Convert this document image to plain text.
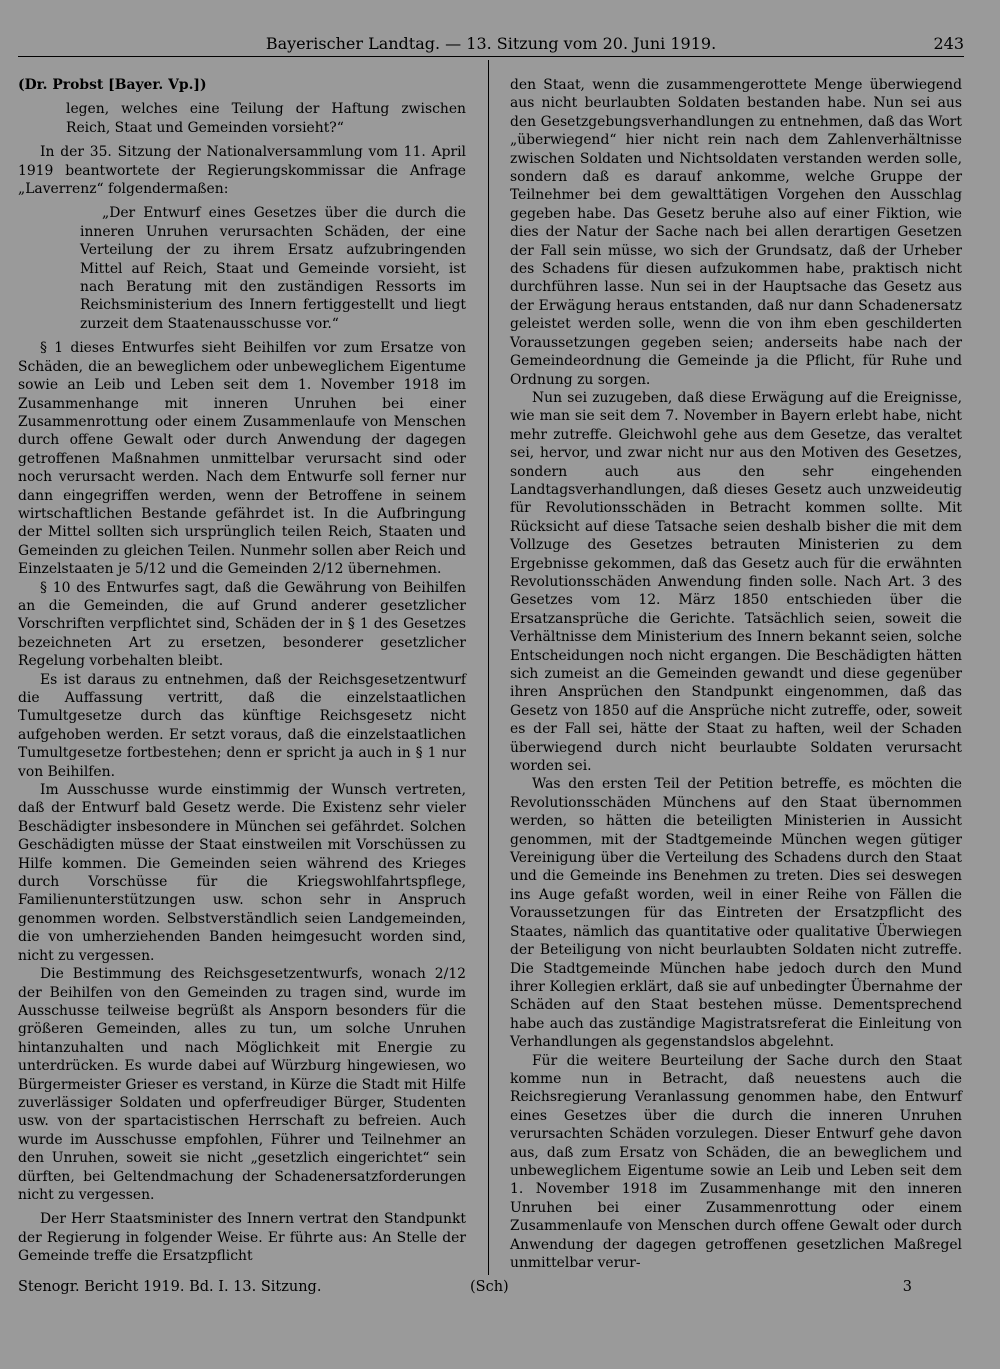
Bayerischer Landtag. — 13. Sitzung vom 20. Juni 1919.	243

(Dr. Probst [Bayer. Vp.])

legen, welches eine Teilung der Haftung zwischen Reich, Staat und Gemeinden vorsieht?“

In der 35. Sitzung der Nationalversammlung vom 11. April 1919 beantwortete der Regierungskommissar die Anfrage „Laverrenz“ folgendermaßen:

„Der Entwurf eines Gesetzes über die durch die inneren Unruhen verursachten Schäden, der eine Verteilung der zu ihrem Ersatz aufzubringenden Mittel auf Reich, Staat und Gemeinde vorsieht, ist nach Beratung mit den zuständigen Ressorts im Reichsministerium des Innern fertiggestellt und liegt zurzeit dem Staatenausschusse vor.“

§ 1 dieses Entwurfes sieht Beihilfen vor zum Ersatze von Schäden, die an beweglichem oder unbeweglichem Eigentume sowie an Leib und Leben seit dem 1. November 1918 im Zusammenhange mit inneren Unruhen bei einer Zusammenrottung oder einem Zusammenlaufe von Menschen durch offene Gewalt oder durch Anwendung der dagegen getroffenen Maßnahmen unmittelbar verursacht sind oder noch verursacht werden. Nach dem Entwurfe soll ferner nur dann eingegriffen werden, wenn der Betroffene in seinem wirtschaftlichen Bestande gefährdet ist. In die Aufbringung der Mittel sollten sich ursprünglich teilen Reich, Staaten und Gemeinden zu gleichen Teilen. Nunmehr sollen aber Reich und Einzelstaaten je 5/12 und die Gemeinden 2/12 übernehmen.

§ 10 des Entwurfes sagt, daß die Gewährung von Beihilfen an die Gemeinden, die auf Grund anderer gesetzlicher Vorschriften verpflichtet sind, Schäden der in § 1 des Gesetzes bezeichneten Art zu ersetzen, besonderer gesetzlicher Regelung vorbehalten bleibt.

Es ist daraus zu entnehmen, daß der Reichsgesetzentwurf die Auffassung vertritt, daß die einzelstaatlichen Tumultgesetze durch das künftige Reichsgesetz nicht aufgehoben werden. Er setzt voraus, daß die einzelstaatlichen Tumultgesetze fortbestehen; denn er spricht ja auch in § 1 nur von Beihilfen.

Im Ausschusse wurde einstimmig der Wunsch vertreten, daß der Entwurf bald Gesetz werde. Die Existenz sehr vieler Beschädigter insbesondere in München sei gefährdet. Solchen Geschädigten müsse der Staat einstweilen mit Vorschüssen zu Hilfe kommen. Die Gemeinden seien während des Krieges durch Vorschüsse für die Kriegswohlfahrtspflege, Familienunterstützungen usw. schon sehr in Anspruch genommen worden. Selbstverständlich seien Landgemeinden, die von umherziehenden Banden heimgesucht worden sind, nicht zu vergessen.

Die Bestimmung des Reichsgesetzentwurfs, wonach 2/12 der Beihilfen von den Gemeinden zu tragen sind, wurde im Ausschusse teilweise begrüßt als Ansporn besonders für die größeren Gemeinden, alles zu tun, um solche Unruhen hintanzuhalten und nach Möglichkeit mit Energie zu unterdrücken. Es wurde dabei auf Würzburg hingewiesen, wo Bürgermeister Grieser es verstand, in Kürze die Stadt mit Hilfe zuverlässiger Soldaten und opferfreudiger Bürger, Studenten usw. von der spartacistischen Herrschaft zu befreien. Auch wurde im Ausschusse empfohlen, Führer und Teilnehmer an den Unruhen, soweit sie nicht „gesetzlich eingerichtet“ sein dürften, bei Geltendmachung der Schadenersatzforderungen nicht zu vergessen.

Der Herr Staatsminister des Innern vertrat den Standpunkt der Regierung in folgender Weise. Er führte aus: An Stelle der Gemeinde treffe die Ersatzpflicht

den Staat, wenn die zusammengerottete Menge überwiegend aus nicht beurlaubten Soldaten bestanden habe. Nun sei aus den Gesetzgebungsverhandlungen zu entnehmen, daß das Wort „überwiegend“ hier nicht rein nach dem Zahlenverhältnisse zwischen Soldaten und Nichtsoldaten verstanden werden solle, sondern daß es darauf ankomme, welche Gruppe der Teilnehmer bei dem gewalttätigen Vorgehen den Ausschlag gegeben habe. Das Gesetz beruhe also auf einer Fiktion, wie dies der Natur der Sache nach bei allen derartigen Gesetzen der Fall sein müsse, wo sich der Grundsatz, daß der Urheber des Schadens für diesen aufzukommen habe, praktisch nicht durchführen lasse. Nun sei in der Hauptsache das Gesetz aus der Erwägung heraus entstanden, daß nur dann Schadenersatz geleistet werden solle, wenn die von ihm eben geschilderten Voraussetzungen gegeben seien; anderseits habe nach der Gemeindeordnung die Gemeinde ja die Pflicht, für Ruhe und Ordnung zu sorgen.

Nun sei zuzugeben, daß diese Erwägung auf die Ereignisse, wie man sie seit dem 7. November in Bayern erlebt habe, nicht mehr zutreffe. Gleichwohl gehe aus dem Gesetze, das veraltet sei, hervor, und zwar nicht nur aus den Motiven des Gesetzes, sondern auch aus den sehr eingehenden Landtagsverhandlungen, daß dieses Gesetz auch unzweideutig für Revolutionsschäden in Betracht kommen sollte. Mit Rücksicht auf diese Tatsache seien deshalb bisher die mit dem Vollzuge des Gesetzes betrauten Ministerien zu dem Ergebnisse gekommen, daß das Gesetz auch für die erwähnten Revolutionsschäden Anwendung finden solle. Nach Art. 3 des Gesetzes vom 12. März 1850 entschieden über die Ersatzansprüche die Gerichte. Tatsächlich seien, soweit die Verhältnisse dem Ministerium des Innern bekannt seien, solche Entscheidungen noch nicht ergangen. Die Beschädigten hätten sich zumeist an die Gemeinden gewandt und diese gegenüber ihren Ansprüchen den Standpunkt eingenommen, daß das Gesetz von 1850 auf die Ansprüche nicht zutreffe, oder, soweit es der Fall sei, hätte der Staat zu haften, weil der Schaden überwiegend durch nicht beurlaubte Soldaten verursacht worden sei.

Was den ersten Teil der Petition betreffe, es möchten die Revolutionsschäden Münchens auf den Staat übernommen werden, so hätten die beteiligten Ministerien in Aussicht genommen, mit der Stadtgemeinde München wegen gütiger Vereinigung über die Verteilung des Schadens durch den Staat und die Gemeinde ins Benehmen zu treten. Dies sei deswegen ins Auge gefaßt worden, weil in einer Reihe von Fällen die Voraussetzungen für das Eintreten der Ersatzpflicht des Staates, nämlich das quantitative oder qualitative Überwiegen der Beteiligung von nicht beurlaubten Soldaten nicht zutreffe. Die Stadtgemeinde München habe jedoch durch den Mund ihrer Kollegien erklärt, daß sie auf unbedingter Übernahme der Schäden auf den Staat bestehen müsse. Dementsprechend habe auch das zuständige Magistratsreferat die Einleitung von Verhandlungen als gegenstandslos abgelehnt.

Für die weitere Beurteilung der Sache durch den Staat komme nun in Betracht, daß neuestens auch die Reichsregierung Veranlassung genommen habe, den Entwurf eines Gesetzes über die durch die inneren Unruhen verursachten Schäden vorzulegen. Dieser Entwurf gehe davon aus, daß zum Ersatz von Schäden, die an beweglichem und unbeweglichem Eigentume sowie an Leib und Leben seit dem 1. November 1918 im Zusammenhange mit den inneren Unruhen bei einer Zusammenrottung oder einem Zusammenlaufe von Menschen durch offene Gewalt oder durch Anwendung der dagegen getroffenen gesetzlichen Maßregel unmittelbar verur-

Stenogr. Bericht 1919. Bd. I. 13. Sitzung.	(Sch)	3
